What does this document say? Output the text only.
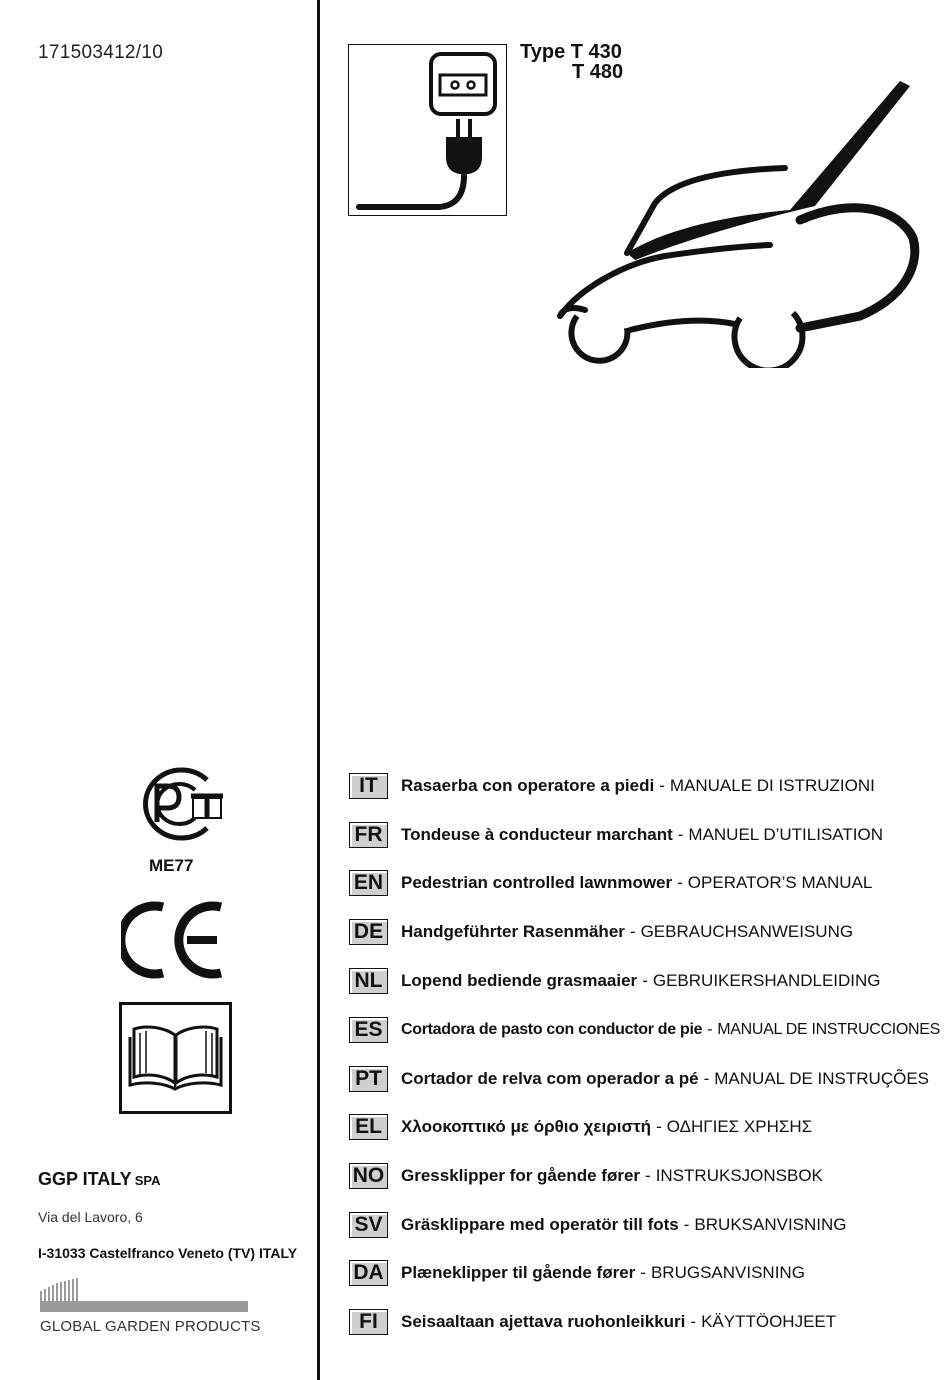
171503412/10	Type T 430
T 480
IT	Rasaerba con operatore a piedi - MANUALE DI ISTRUZIONI
FR	Tondeuse à conducteur marchant - MANUEL D’UTILISATION
EN Pedestrian controlled lawnmower - OPERATOR’S MANUAL
DE Handgeführter Rasenmäher - GEBRAUCHSANWEISUNG
NL	Lopend bediende grasmaaier - GEBRUIKERSHANDLEIDING
ES	Cortadora de pasto con conductor de pie - MANUAL DE INSTRUCCIONES
PT	Cortador de relva com operador a pé - MANUAL DE INSTRUÇÕES
EL	Χλοοκοπτικό με όρθιο χειριστή - ΟΔΗΓΙΕΣ ΧΡΗΣΗΣ
NO Gressklipper for gående fører - INSTRUKSJONSBOK
SV	Gräsklippare med operatör till fots - BRUKSANVISNING
DA Plæneklipper til gående fører - BRUGSANVISNING
FI	Seisaaltaan ajettava ruohonleikkuri - KÄYTTÖOHJEET
ME77
GGP ITALY SPA
Via del Lavoro, 6
I-31033 Castelfranco Veneto (TV) ITALY
GLOBAL GARDEN PRODUCTS
